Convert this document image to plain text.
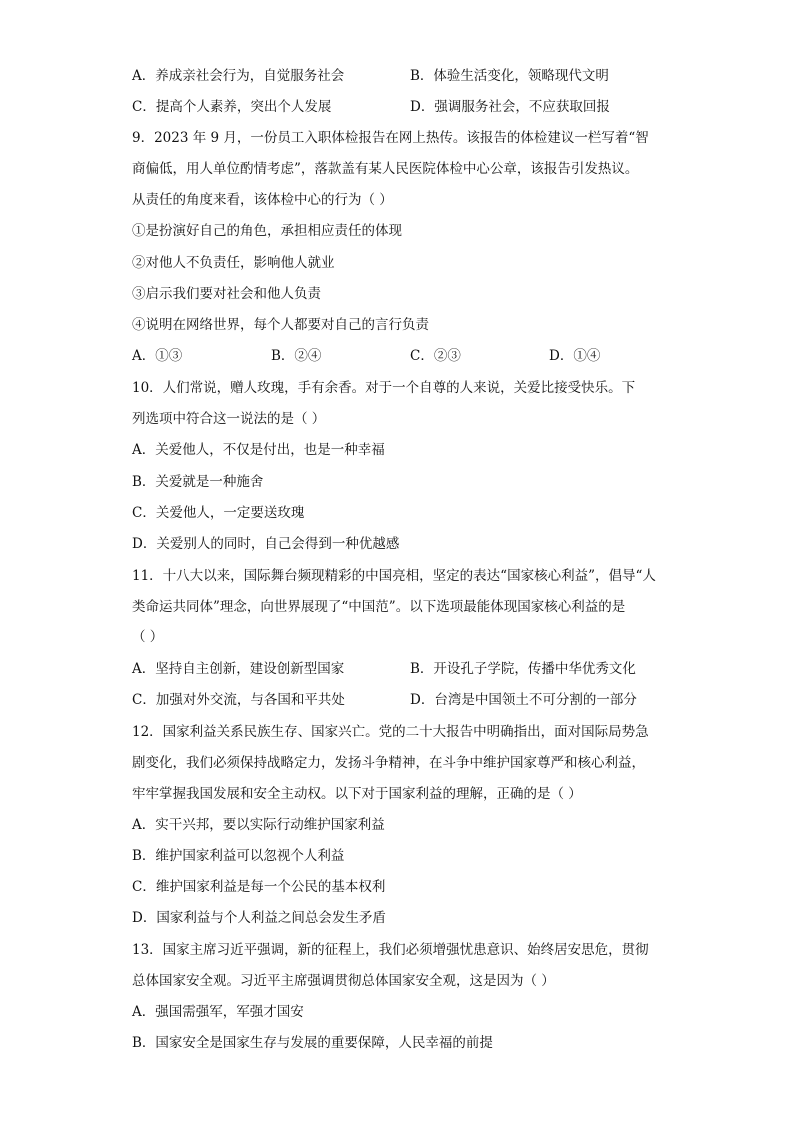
A．养成亲社会行为，自觉服务社会	B．体验生活变化，领略现代文明
C．提高个人素养，突出个人发展	D．强调服务社会，不应获取回报
9．2023 年 9 月，一份员工入职体检报告在网上热传。该报告的体检建议一栏写着“智
商偏低，用人单位酌情考虑”，落款盖有某人民医院体检中心公章，该报告引发热议。
从责任的角度来看，该体检中心的行为（ ）
①是扮演好自己的角色，承担相应责任的体现
②对他人不负责任，影响他人就业
③启示我们要对社会和他人负责
④说明在网络世界，每个人都要对自己的言行负责
A．①③	B．②④	C．②③	D．①④
10．人们常说，赠人玫瑰，手有余香。对于一个自尊的人来说，关爱比接受快乐。下
列选项中符合这一说法的是（ ）
A．关爱他人，不仅是付出，也是一种幸福
B．关爱就是一种施舍
C．关爱他人，一定要送玫瑰
D．关爱别人的同时，自己会得到一种优越感
11．十八大以来，国际舞台频现精彩的中国亮相，坚定的表达“国家核心利益”，倡导“人
类命运共同体”理念，向世界展现了“中国范”。以下选项最能体现国家核心利益的是
（ ）
A．坚持自主创新，建设创新型国家	B．开设孔子学院，传播中华优秀文化
C．加强对外交流，与各国和平共处	D．台湾是中国领土不可分割的一部分
12．国家利益关系民族生存、国家兴亡。党的二十大报告中明确指出，面对国际局势急
剧变化，我们必须保持战略定力，发扬斗争精神，在斗争中维护国家尊严和核心利益，
牢牢掌握我国发展和安全主动权。以下对于国家利益的理解，正确的是（ ）
A．实干兴邦，要以实际行动维护国家利益
B．维护国家利益可以忽视个人利益
C．维护国家利益是每一个公民的基本权利
D．国家利益与个人利益之间总会发生矛盾
13．国家主席习近平强调，新的征程上，我们必须增强忧患意识、始终居安思危，贯彻
总体国家安全观。习近平主席强调贯彻总体国家安全观，这是因为（ ）
A．强国需强军，军强才国安
B．国家安全是国家生存与发展的重要保障，人民幸福的前提
